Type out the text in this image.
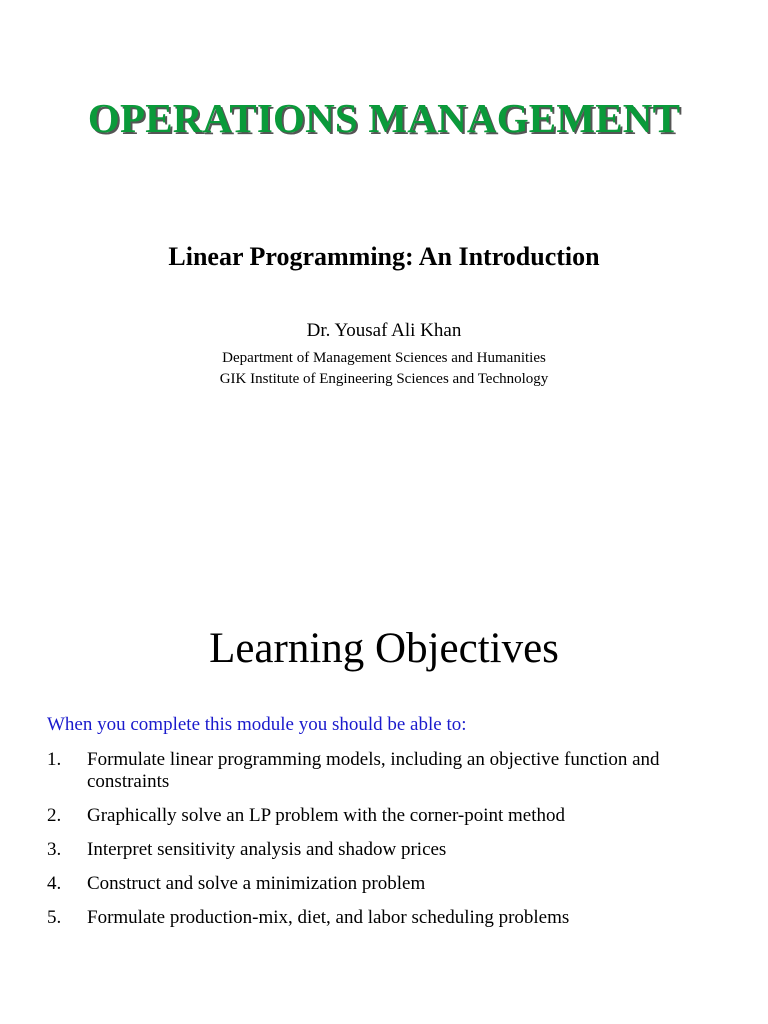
OPERATIONS MANAGEMENT
Linear Programming: An Introduction

Dr. Yousaf Ali Khan

Department of Management Sciences and Humanities

GIK Institute of Engineering Sciences and Technology

Learning Objectives

When you complete this module you should be able to:

1.	Formulate linear programming models, including an objective function and constraints
2.	Graphically solve an LP problem with the corner-point method
3.	Interpret sensitivity analysis and shadow prices
4.	Construct and solve a minimization problem
5.	Formulate production-mix, diet, and labor scheduling problems
